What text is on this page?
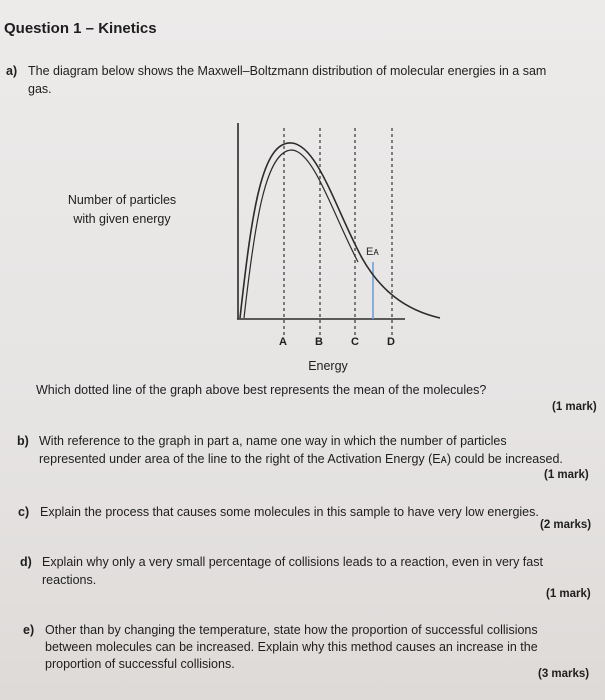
Question 1 – Kinetics
a) The diagram below shows the Maxwell–Boltzmann distribution of molecular energies in a sam
gas.
Eᴀ
A	B	C	D
Number of particles
with given energy
Energy
Which dotted line of the graph above best represents the mean of the molecules?
(1 mark)
b) With reference to the graph in part a, name one way in which the number of particles
represented under area of the line to the right of the Activation Energy (Eᴀ) could be increased.
(1 mark)
c) Explain the process that causes some molecules in this sample to have very low energies.
(2 marks)
d) Explain why only a very small percentage of collisions leads to a reaction, even in very fast
reactions.
(1 mark)
e) Other than by changing the temperature, state how the proportion of successful collisions
between molecules can be increased. Explain why this method causes an increase in the
proportion of successful collisions.
(3 marks)
